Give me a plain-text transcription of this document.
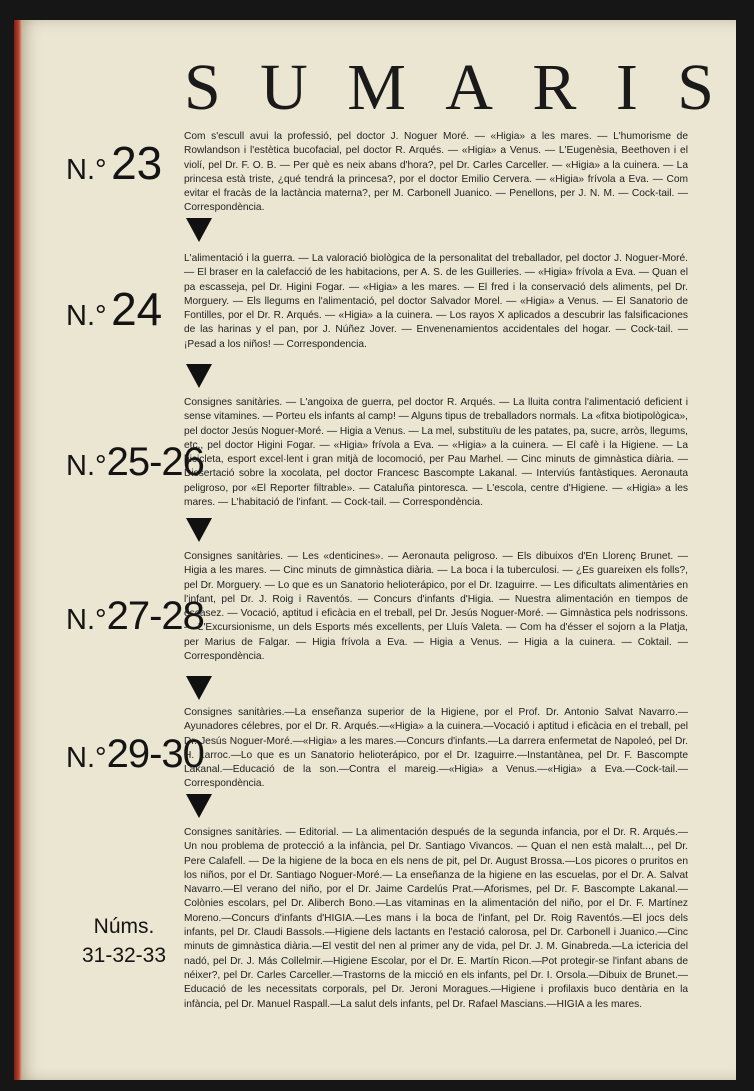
S U M A R I S
N.° 23

Com s'escull avui la professió, pel doctor J. Noguer Moré. — «Higia» a les mares. — L'humorisme de Rowlandson i l'estètica bucofacial, pel doctor R. Arqués. — «Higia» a Venus. — L'Eugenèsia, Beethoven i el violí, pel Dr. F. O. B. — Per què es neix abans d'hora?, pel Dr. Carles Carceller. — «Higia» a la cuinera. — La princesa està triste, ¿qué tendrá la princesa?, por el doctor Emilio Cervera. — «Higia» frívola a Eva. — Com evitar el fracàs de la lactància materna?, per M. Carbonell Juanico. — Penellons, per J. N. M. — Cock-tail. — Correspondència.

N.° 24

L'alimentació i la guerra. — La valoració biològica de la personalitat del treballador, pel doctor J. Noguer-Moré. — El braser en la calefacció de les habitacions, per A. S. de les Guilleries. — «Higia» frívola a Eva. — Quan el pa escasseja, pel Dr. Higini Fogar. — «Higia» a les mares. — El fred i la conservació dels aliments, pel Dr. Morguery. — Els llegums en l'alimentació, pel doctor Salvador Morel. — «Higia» a Venus. — El Sanatorio de Fontilles, por el Dr. R. Arqués. — «Higia» a la cuinera. — Los rayos X aplicados a descubrir las falsificaciones de las harinas y el pan, por J. Núñez Jover. — Envenenamientos accidentales del hogar. — Cock-tail. — ¡Pesad a los niños! — Correspondencia.

N.°25-26

Consignes sanitàries. — L'angoixa de guerra, pel doctor R. Arqués. — La lluita contra l'alimentació deficient i sense vitamines. — Porteu els infants al camp! — Alguns tipus de treballadors normals. La «fitxa biotipològica», pel doctor Jesús Noguer-Moré. — Higia a Venus. — La mel, substituïu de les patates, pa, sucre, arròs, llegums, etc., pel doctor Higini Fogar. — «Higia» frívola a Eva. — «Higia» a la cuinera. — El cafè i la Higiene. — La bicicleta, esport excel·lent i gran mitjà de locomoció, per Pau Marhel. — Cinc minuts de gimnàstica diària. — Dissertació sobre la xocolata, pel doctor Francesc Bascompte Lakanal. — Interviús fantàstiques. Aeronauta peligroso, por «El Reporter filtrable». — Cataluña pintoresca. — L'escola, centre d'Higiene. — «Higia» a les mares. — L'habitació de l'infant. — Cock-tail. — Correspondència.

N.°27-28

Consignes sanitàries. — Les «denticines». — Aeronauta peligroso. — Els dibuixos d'En Llorenç Brunet. — Higia a les mares. — Cinc minuts de gimnàstica diària. — La boca i la tuberculosi. — ¿Es guareixen els folls?, pel Dr. Morguery. — Lo que es un Sanatorio helioterápico, por el Dr. Izaguirre. — Les dificultats alimentàries en l'infant, pel Dr. J. Roig i Raventós. — Concurs d'infants d'Higia. — Nuestra alimentación en tiempos de escasez. — Vocació, aptitud i eficàcia en el treball, pel Dr. Jesús Noguer-Moré. — Gimnàstica pels nodrissons. — L'Excursionisme, un dels Esports més excellents, per Lluís Valeta. — Com ha d'ésser el sojorn a la Platja, per Marius de Falgar. — Higia frívola a Eva. — Higia a Venus. — Higia a la cuinera. — Coktail. — Correspondència.

N.°29-30

Consignes sanitàries.—La enseñanza superior de la Higiene, por el Prof. Dr. Antonio Salvat Navarro.—Ayunadores célebres, por el Dr. R. Arqués.—«Higia» a la cuinera.—Vocació i aptitud i eficàcia en el treball, pel Dr. Jesús Noguer-Moré.—«Higia» a les mares.—Concurs d'infants.—La darrera enfermetat de Napoleó, pel Dr. H. Larroc.—Lo que es un Sanatorio helioterápico, por el Dr. Izaguirre.—Instantànea, pel Dr. F. Bascompte Lakanal.—Educació de la son.—Contra el mareig.—«Higia» a Venus.—«Higia» a Eva.—Cock-tail.—Correspondència.

Núms.
31-32-33

Consignes sanitàries. — Editorial. — La alimentación después de la segunda infancia, por el Dr. R. Arqués.—Un nou problema de protecció a la infància, pel Dr. Santiago Vivancos. — Quan el nen està malalt..., pel Dr. Pere Calafell. — De la higiene de la boca en els nens de pit, pel Dr. August Brossa.—Los picores o pruritos en los niños, por el Dr. Santiago Noguer-Moré.— La enseñanza de la higiene en las escuelas, por el Dr. A. Salvat Navarro.—El verano del niño, por el Dr. Jaime Cardelús Prat.—Aforismes, pel Dr. F. Bascompte Lakanal.—Colònies escolars, pel Dr. Aliberch Bono.—Las vitaminas en la alimentación del niño, por el Dr. F. Martínez Moreno.—Concurs d'infants d'HIGIA.—Les mans i la boca de l'infant, pel Dr. Roig Raventós.—El jocs dels infants, pel Dr. Claudi Bassols.—Higiene dels lactants en l'estació calorosa, pel Dr. Carbonell i Juanico.—Cinc minuts de gimnàstica diària.—El vestit del nen al primer any de vida, pel Dr. J. M. Ginabreda.—La ictericia del nadó, pel Dr. J. Más Collelmir.—Higiene Escolar, por el Dr. E. Martín Ricon.—Pot protegir-se l'infant abans de néixer?, pel Dr. Carles Carceller.—Trastorns de la micció en els infants, pel Dr. I. Orsola.—Dibuix de Brunet.—Educació de les necessitats corporals, pel Dr. Jeroni Moragues.—Higiene i profilaxis buco dentària en la infància, pel Dr. Manuel Raspall.—La salut dels infants, pel Dr. Rafael Mascians.—HIGIA a les mares.
